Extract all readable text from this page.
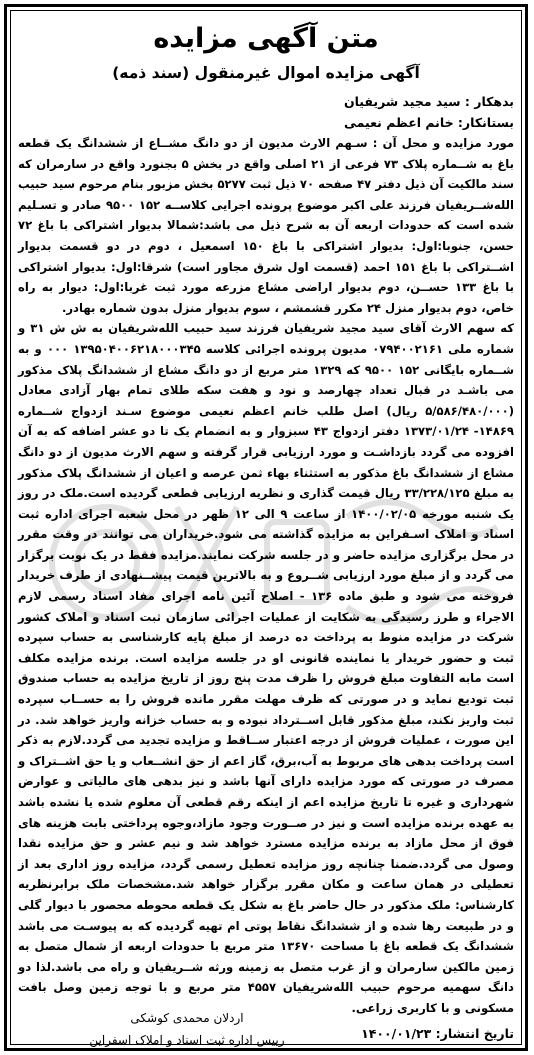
متن آگهی مزایده
آگهی مزایده اموال غیرمنقول (سند ذمه)
بدهکار : سید مجید شریفیان
بستانکار: خانم اعظم نعیمی

مورد مزایده و محل آن : سـهم الارث مدیون از دو دانگ مشــاع از ششدانگ یک قطعه باغ به شــماره پلاک ۷۳ فرعی از ۲۱ اصلی واقع در بخش ۵ بجنورد واقع در سارمران که سند مالکیت آن ذیل دفتر ۴۷ صفحه ۷۰ ذیل ثبت ۵۲۷۷ بخش مزبور بنام مرحوم سید حبیب الله‌شــریفیان فرزند علی اکبر موضوع پرونده اجرایی کلاســه ۱۵۲ ۹۵۰۰ صادر و تسـلیم شده است که حدودات اربعه آن به شرح ذیل می باشد:شمالا بدیوار اشتراکی با باغ ۷۲ حسن، جنوبا:اول: بدیوار اشتراکی با باغ ۱۵۰ اسمعیل ، دوم در دو قسمت بدیوار اشــتراکی با باغ ۱۵۱ احمد (قسمت اول شرق مجاور است) شرقا:اول: بدیوار اشتراکی با باغ ۱۳۳ حســن، دوم بدیوار اراضی مشاع مزرعه مورد ثبت غربا:اول: دیوار به راه خاص، دوم بدیوار منزل ۲۴ مکرر قشمشم ، سوم بدیوار منزل بدون شماره بهادر.

که سهم الارث آقای سید مجید شریفیان فرزند سید حبیب الله‌شریفیان به ش ش ۳۱ و شماره ملی ۰۷۹۴۰۰۲۱۶۱ مدیون پرونده اجرائی کلاسه ۱۳۹۵۰۴۰۰۶۲۱۸۰۰۰۳۴۵ ۰۰۰ و به شــماره بایگانی ۱۵۲ ۹۵۰۰ که ۱۳۲۹ متر مربع از دو دانگ مشاع از ششدانگ پلاک مذکور می باشـد در قبال تعداد چهارصد و نود و هفت سکه طلای تمام بهار آزادی معادل (۵/۵۸۶/۴۸۰/۰۰۰ ریال) اصل طلب خانم اعظم نعیمی موضوع سـند ازدواج شــماره ۱۴۸۶۹- ۱۳۷۳/۰۱/۲۴ دفتر ازدواج ۴۳ سبزوار و به انضمام یک تا دو عشر اضافه که به آن افزوده می گردد بازداشـت و مورد ارزیابی قرار گرفته و سهم الارث مدیون از دو دانگ مشاع از ششدانگ باغ مذکور به استثناء بهاء ثمن عرصه و اعیان از ششدانگ پلاک مذکور به مبلغ ۳۳/۲۲۸/۱۲۵ ریال قیمت گذاری و نظریه ارزیابی قطعی گردیده است.ملک در روز یک شنبه مورخه ۱۴۰۰/۰۲/۰۵ از ساعت ۹ الی ۱۲ ظهر در محل شعبه اجرای اداره ثبت اسناد و املاک اسـفراین به مزایده گذاشته می شود.خریداران می توانند در وقت مقرر در محل برگزاری مزایده حاضر و در جلسه شرکت نمایند.مزایده فقط در یک نوبت برگزار می گردد و از مبلغ مورد ارزیابی شــروع و به بالاترین قیمت پیشــنهادی از طرف خریدار فروخته می شود و طبق ماده ۱۳۶ - اصلاح آئین نامه اجرای مفاد اسناد رسمی لازم الاجراء و طرز رسیدگی به شکایت از عملیات اجرائی سازمان ثبت اسناد و املاک کشور شرکت در مزایده منوط به پرداخت ده درصد از مبلغ پایه کارشناسی به حساب سپرده ثبت و حضور خریدار یا نماینده قانونی او در جلسه مزایده است. برنده مزایده مکلف است مابه التفاوت مبلغ فروش را ظرف مدت پنج روز از تاریخ مزایده به حساب صندوق ثبت تودیع نماید و در صورتی که ظرف مهلت مقرر مانده فروش را به حســاب سپرده ثبت واریز نکند، مبلغ مذکور قابل اســترداد نبوده و به حساب خزانه واریز خواهد شد. در این صورت ، عملیات فروش از درجه اعتبار ســاقط و مزایده تجدید می گردد.لازم به ذکر است پرداخت بدهی های مربوط به آب،برق، گاز اعم از حق انشــعاب و یا حق اشــتراک و مصرف در صورتی که مورد مزایده دارای آنها باشد و نیز بدهی های مالیاتی و عوارض شهرداری و غیره تا تاریخ مزایده اعم از اینکه رقم قطعی آن معلوم شده یا نشده باشد به عهده برنده مزایده است و نیز در صــورت وجود مازاد،وجوه پرداختی بابت هزینه های فوق از محل مازاد به برنده مزایده مسترد خواهد شد و نیم عشر و حق مزایده نقدا وصول می گردد.ضمنا چنانچه روز مزایده تعطیل رسمی گردد، مزایده روز اداری بعد از تعطیلی در همان ساعت و مکان مقرر برگزار خواهد شد.مشخصات ملک برابرنظریه کارشناس: ملک مذکور در حال حاضر باغ به شکل یک قطعه محوطه محصور با دیوار گلی و در طبیعت رها شده و از ششدانگ نقاط پوتی ام تهیه گردیده که به پیوسـت می باشد ششدانگ یک قطعه باغ با مساحت ۱۳۶۷۰ متر مربع با حدودات اربعه از شمال متصل به زمین مالکین سارمران و از غرب متصل به زمینه ورثه شــریفیان و راه می باشد.لذا دو دانگ سهمیه مرحوم حبیب الله‌شریفیان ۴۵۵۷ متر مربع و با توجه زمین وصل بافت مسکونی و با کاربری زراعی.

تاریخ انتشار: ۱۴۰۰/۰۱/۲۳
اردلان محمدی کوشکی
رییس اداره ثبت اسناد و املاک اسفراین
